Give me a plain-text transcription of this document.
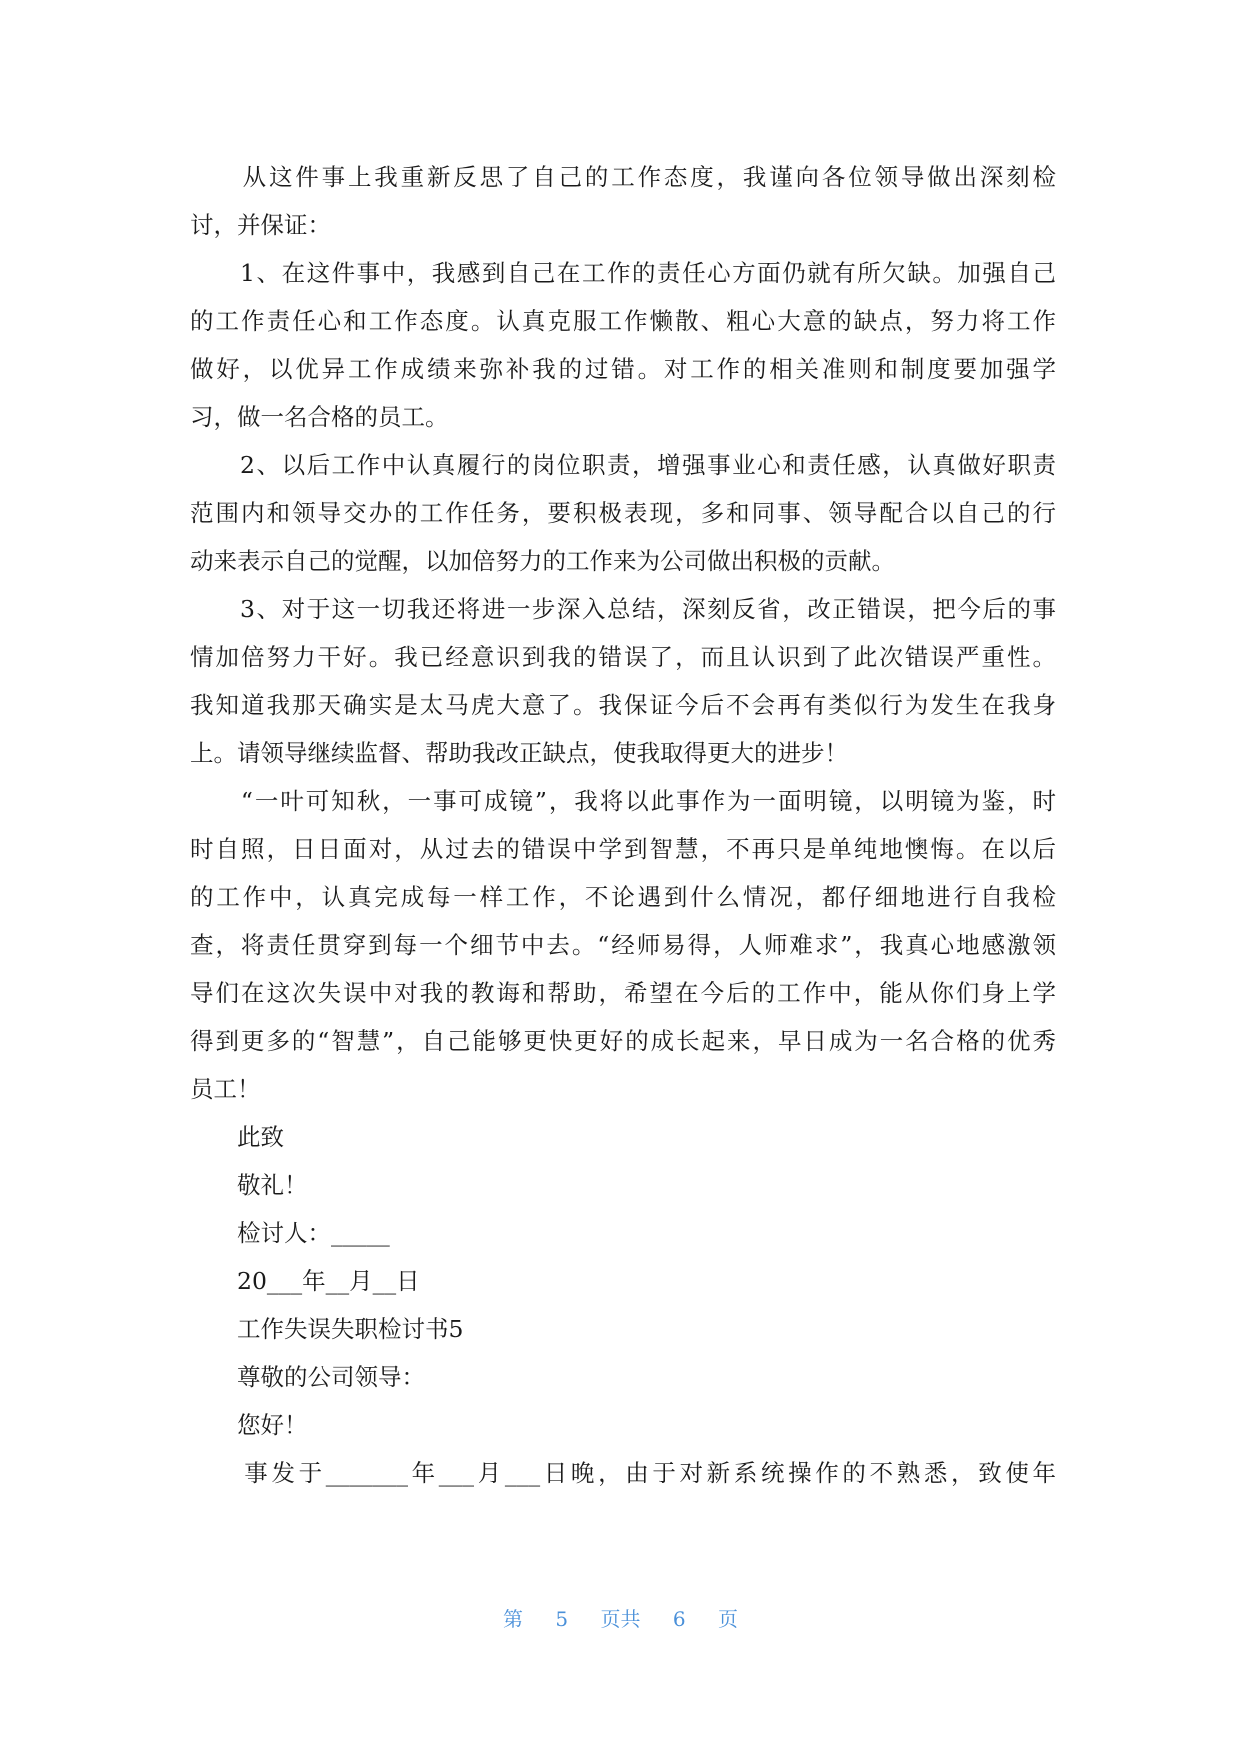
　　从这件事上我重新反思了自己的工作态度，我谨向各位领导做出深刻检
讨，并保证：
　　1、在这件事中，我感到自己在工作的责任心方面仍就有所欠缺。加强自己
的工作责任心和工作态度。认真克服工作懒散、粗心大意的缺点，努力将工作
做好，以优异工作成绩来弥补我的过错。对工作的相关准则和制度要加强学
习，做一名合格的员工。
　　2、以后工作中认真履行的岗位职责，增强事业心和责任感，认真做好职责
范围内和领导交办的工作任务，要积极表现，多和同事、领导配合以自己的行
动来表示自己的觉醒，以加倍努力的工作来为公司做出积极的贡献。
　　3、对于这一切我还将进一步深入总结，深刻反省，改正错误，把今后的事
情加倍努力干好。我已经意识到我的错误了，而且认识到了此次错误严重性。
我知道我那天确实是太马虎大意了。我保证今后不会再有类似行为发生在我身
上。请领导继续监督、帮助我改正缺点，使我取得更大的进步！
　　“一叶可知秋，一事可成镜”，我将以此事作为一面明镜，以明镜为鉴，时
时自照，日日面对，从过去的错误中学到智慧，不再只是单纯地懊悔。在以后
的工作中，认真完成每一样工作，不论遇到什么情况，都仔细地进行自我检
查，将责任贯穿到每一个细节中去。“经师易得，人师难求”，我真心地感激领
导们在这次失误中对我的教诲和帮助，希望在今后的工作中，能从你们身上学
得到更多的“智慧”，自己能够更快更好的成长起来，早日成为一名合格的优秀
员工！
　　此致
　　敬礼！
　　检讨人：_____
　　20___年__月__日
　　工作失误失职检讨书5
　　尊敬的公司领导：
　　您好！
　　事发于_______年___月___日晚，由于对新系统操作的不熟悉，致使年
第 5 页共 6 页
